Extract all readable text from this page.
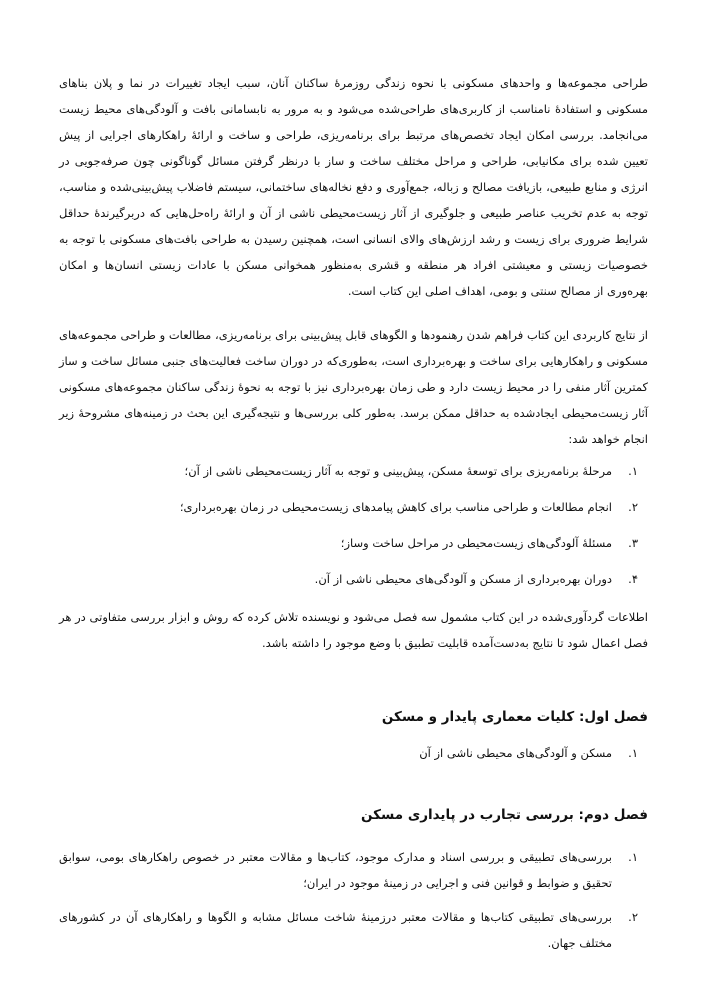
طراحی مجموعه‌ها و واحدهای مسکونی با نحوه زندگی روزمرهٔ ساکنان آنان، سبب ایجاد تغییرات در نما و پلان بناهای مسکونی و استفادهٔ نامناسب از کاربری‌های طراحی‌شده می‌شود و به مرور به نابسامانی بافت و آلودگی‌های محیط زیست می‌انجامد. بررسی امکان ایجاد تخصص‌های مرتبط برای برنامه‌ریزی، طراحی و ساخت و ارائهٔ راهکارهای اجرایی از پیش تعیین شده برای مکانیابی، طراحی و مراحل مختلف ساخت و ساز با درنظر گرفتن مسائل گوناگونی چون صرفه‌جویی در انرژی و منابع طبیعی، بازیافت مصالح و زباله، جمع‌آوری و دفع نخاله‌های ساختمانی، سیستم فاضلاب پیش‌بینی‌شده و مناسب، توجه به عدم تخریب عناصر طبیعی و جلوگیری از آثار زیست‌محیطی ناشی از آن و ارائهٔ راه‌حل‌هایی که دربرگیرندهٔ حداقل شرایط ضروری برای زیست و رشد ارزش‌های والای انسانی است، همچنین رسیدن به طراحی بافت‌های مسکونی با توجه به خصوصیات زیستی و معیشتی افراد هر منطقه و قشری به‌منظور همخوانی مسکن با عادات زیستی انسان‌ها و امکان بهره‌وری از مصالح سنتی و بومی، اهداف اصلی این کتاب است.
از نتایج کاربردی این کتاب فراهم شدن رهنمودها و الگوهای قابل پیش‌بینی برای برنامه‌ریزی، مطالعات و طراحی مجموعه‌های مسکونی و راهکارهایی برای ساخت و بهره‌برداری است، به‌طوری‌که در دوران ساخت فعالیت‌های جنبی مسائل ساخت و ساز کمترین آثار منفی را در محیط زیست دارد و طی زمان بهره‌برداری نیز با توجه به نحوهٔ زندگی ساکنان مجموعه‌های مسکونی آثار زیست‌محیطی ایجادشده به حداقل ممکن برسد. به‌طور کلی بررسی‌ها و نتیجه‌گیری این بحث در زمینه‌های مشروحهٔ زیر انجام خواهد شد:
۱.
مرحلهٔ برنامه‌ریزی برای توسعهٔ مسکن، پیش‌بینی و توجه به آثار زیست‌محیطی ناشی از آن؛
۲.
انجام مطالعات و طراحی مناسب برای کاهش پیامدهای زیست‌محیطی در زمان بهره‌برداری؛
۳.
مسئلهٔ آلودگی‌های زیست‌محیطی در مراحل ساخت وساز؛
۴.
دوران بهره‌برداری از مسکن و آلودگی‌های محیطی ناشی از آن.
اطلاعات گردآوری‌شده در این کتاب مشمول سه فصل می‌شود و نویسنده تلاش کرده که روش و ابزار بررسی متفاوتی در هر فصل اعمال شود تا نتایج به‌دست‌آمده قابلیت تطبیق با وضع موجود را داشته باشد.
فصل اول: کلیات معماری پایدار و مسکن
۱.
مسکن و آلودگی‌های محیطی ناشی از آن
فصل دوم: بررسی تجارب در پایداری مسکن
۱.
بررسی‌های تطبیقی و بررسی اسناد و مدارک موجود، کتاب‌ها و مقالات معتبر در خصوص راهکارهای بومی، سوابق تحقیق و ضوابط و قوانین فنی و اجرایی در زمینهٔ موجود در ایران؛
۲.
بررسی‌های تطبیقی کتاب‌ها و مقالات معتبر درزمینهٔ شاخت مسائل مشابه و الگوها و راهکارهای آن در کشورهای مختلف جهان.
